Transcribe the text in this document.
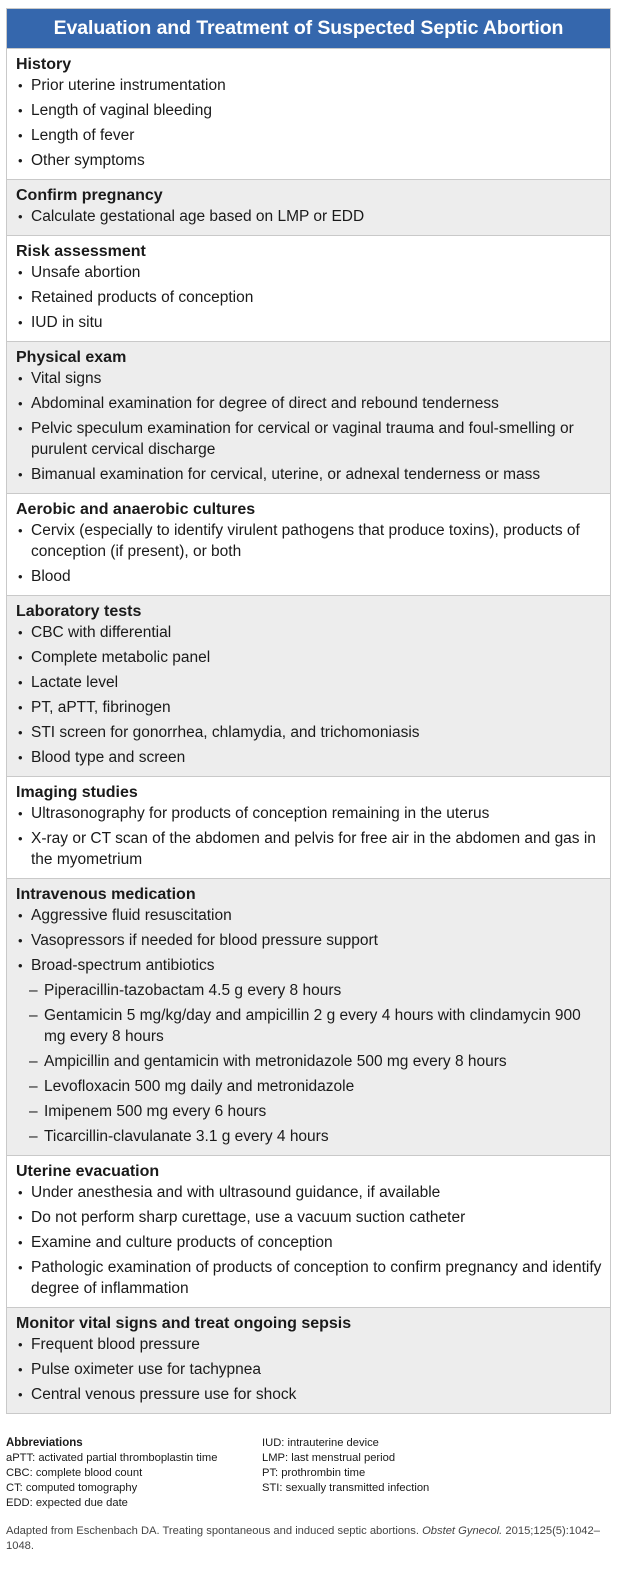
Evaluation and Treatment of Suspected Septic Abortion
History
• Prior uterine instrumentation
• Length of vaginal bleeding
• Length of fever
• Other symptoms
Confirm pregnancy
• Calculate gestational age based on LMP or EDD
Risk assessment
• Unsafe abortion
• Retained products of conception
• IUD in situ
Physical exam
• Vital signs
• Abdominal examination for degree of direct and rebound tenderness
• Pelvic speculum examination for cervical or vaginal trauma and foul-smelling or purulent cervical discharge
• Bimanual examination for cervical, uterine, or adnexal tenderness or mass
Aerobic and anaerobic cultures
• Cervix (especially to identify virulent pathogens that produce toxins), products of conception (if present), or both
• Blood
Laboratory tests
• CBC with differential
• Complete metabolic panel
• Lactate level
• PT, aPTT, fibrinogen
• STI screen for gonorrhea, chlamydia, and trichomoniasis
• Blood type and screen
Imaging studies
• Ultrasonography for products of conception remaining in the uterus
• X-ray or CT scan of the abdomen and pelvis for free air in the abdomen and gas in the myometrium
Intravenous medication
• Aggressive fluid resuscitation
• Vasopressors if needed for blood pressure support
• Broad-spectrum antibiotics
– Piperacillin-tazobactam 4.5 g every 8 hours
– Gentamicin 5 mg/kg/day and ampicillin 2 g every 4 hours with clindamycin 900 mg every 8 hours
– Ampicillin and gentamicin with metronidazole 500 mg every 8 hours
– Levofloxacin 500 mg daily and metronidazole
– Imipenem 500 mg every 6 hours
– Ticarcillin-clavulanate 3.1 g every 4 hours
Uterine evacuation
• Under anesthesia and with ultrasound guidance, if available
• Do not perform sharp curettage, use a vacuum suction catheter
• Examine and culture products of conception
• Pathologic examination of products of conception to confirm pregnancy and identify degree of inflammation
Monitor vital signs and treat ongoing sepsis
• Frequent blood pressure
• Pulse oximeter use for tachypnea
• Central venous pressure use for shock
Abbreviations
aPTT: activated partial thromboplastin time
CBC: complete blood count
CT: computed tomography
EDD: expected due date
IUD: intrauterine device
LMP: last menstrual period
PT: prothrombin time
STI: sexually transmitted infection
Adapted from Eschenbach DA. Treating spontaneous and induced septic abortions. Obstet Gynecol. 2015;125(5):1042–1048.
